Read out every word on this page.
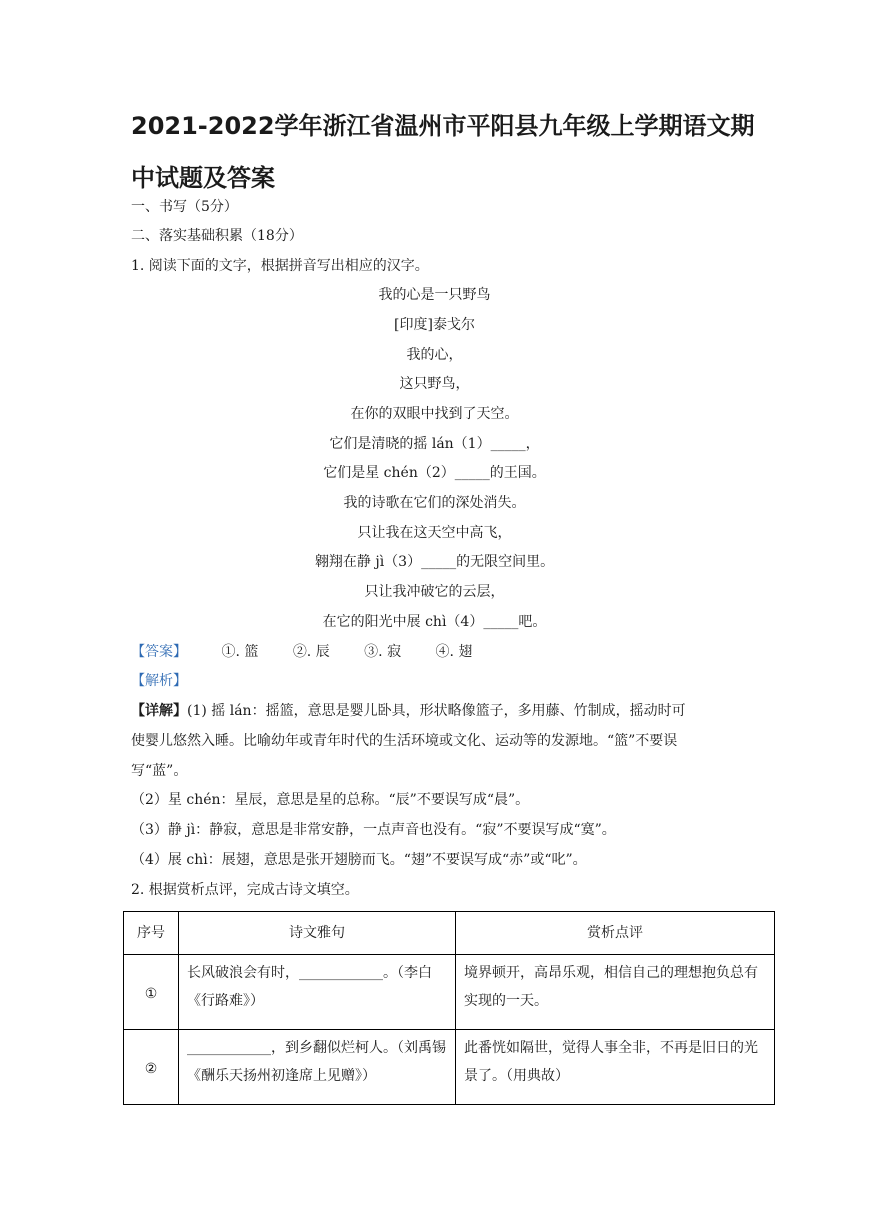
2021-2022学年浙江省温州市平阳县九年级上学期语文期中试题及答案
一、书写（5分）
二、落实基础积累（18分）
1. 阅读下面的文字，根据拼音写出相应的汉字。
我的心是一只野鸟
[印度]泰戈尔
我的心，
这只野鸟，
在你的双眼中找到了天空。
它们是清晓的摇 lán（1）_____，
它们是星 chén（2）_____的王国。
我的诗歌在它们的深处消失。
只让我在这天空中高飞，
翱翔在静 jì（3）_____的无限空间里。
只让我冲破它的云层，
在它的阳光中展 chì（4）_____吧。
【答案】 ①. 篮 ②. 辰 ③. 寂 ④. 翅
【解析】
【详解】(1) 摇 lán：摇篮，意思是婴儿卧具，形状略像篮子，多用藤、竹制成，摇动时可
使婴儿悠然入睡。比喻幼年或青年时代的生活环境或文化、运动等的发源地。“篮”不要误
写“蓝”。
（2）星 chén：星辰，意思是星的总称。“辰”不要误写成“晨”。
（3）静 jì：静寂，意思是非常安静，一点声音也没有。“寂”不要误写成“寞”。
（4）展 chì：展翅，意思是张开翅膀而飞。“翅”不要误写成“赤”或“叱”。
2. 根据赏析点评，完成古诗文填空。
序号	诗文雅句	赏析点评
①	长风破浪会有时，____________。（李白《行路难》）	境界顿开，高昂乐观，相信自己的理想抱负总有实现的一天。
②	____________，到乡翻似烂柯人。（刘禹锡《酬乐天扬州初逢席上见赠》）	此番恍如隔世，觉得人事全非，不再是旧日的光景了。（用典故）
